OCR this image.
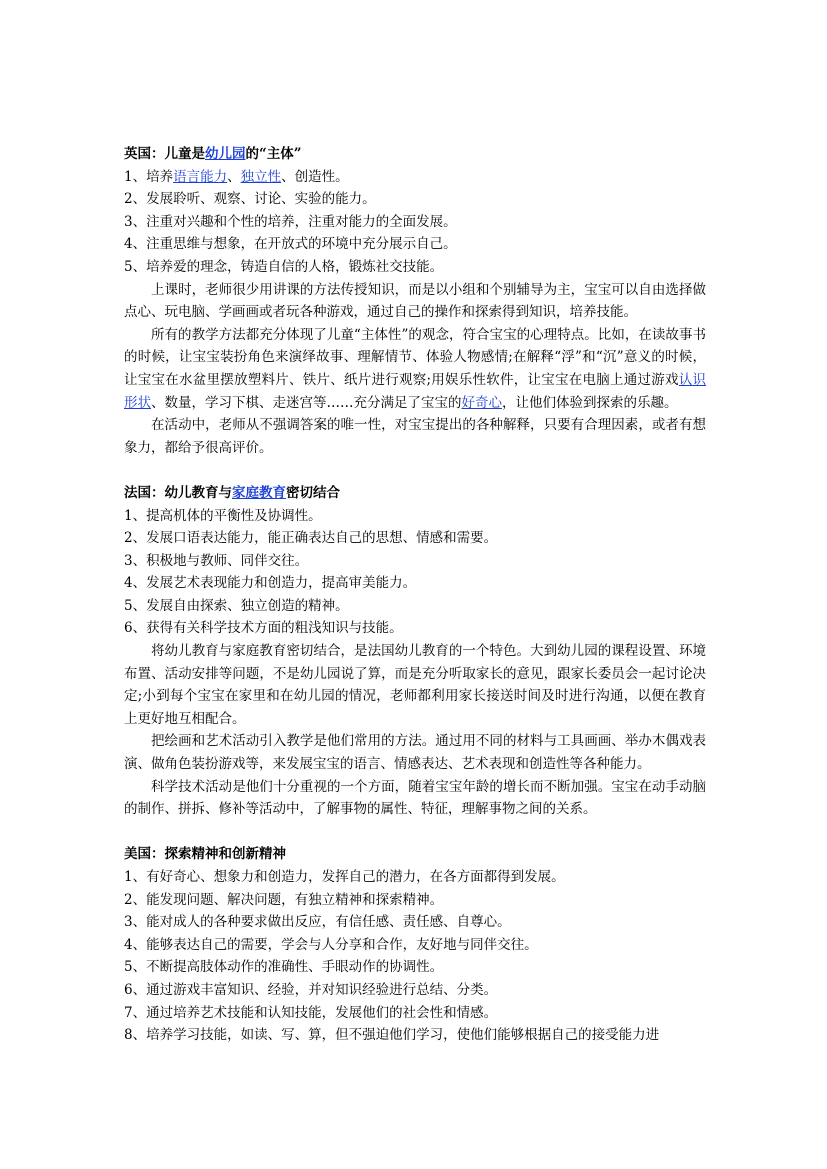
英国：儿童是幼儿园的“主体”
1、培养语言能力、独立性、创造性。
2、发展聆听、观察、讨论、实验的能力。
3、注重对兴趣和个性的培养，注重对能力的全面发展。
4、注重思维与想象，在开放式的环境中充分展示自己。
5、培养爱的理念，铸造自信的人格，锻炼社交技能。
上课时，老师很少用讲课的方法传授知识，而是以小组和个别辅导为主，宝宝可以自由选择做点心、玩电脑、学画画或者玩各种游戏，通过自己的操作和探索得到知识，培养技能。
所有的教学方法都充分体现了儿童“主体性”的观念，符合宝宝的心理特点。比如，在读故事书的时候，让宝宝装扮角色来演绎故事、理解情节、体验人物感情;在解释“浮”和“沉”意义的时候，让宝宝在水盆里摆放塑料片、铁片、纸片进行观察;用娱乐性软件，让宝宝在电脑上通过游戏认识形状、数量，学习下棋、走迷宫等……充分满足了宝宝的好奇心，让他们体验到探索的乐趣。
在活动中，老师从不强调答案的唯一性，对宝宝提出的各种解释，只要有合理因素，或者有想象力，都给予很高评价。
法国：幼儿教育与家庭教育密切结合
1、提高机体的平衡性及协调性。
2、发展口语表达能力，能正确表达自己的思想、情感和需要。
3、积极地与教师、同伴交往。
4、发展艺术表现能力和创造力，提高审美能力。
5、发展自由探索、独立创造的精神。
6、获得有关科学技术方面的粗浅知识与技能。
将幼儿教育与家庭教育密切结合，是法国幼儿教育的一个特色。大到幼儿园的课程设置、环境布置、活动安排等问题，不是幼儿园说了算，而是充分听取家长的意见，跟家长委员会一起讨论决定;小到每个宝宝在家里和在幼儿园的情况，老师都利用家长接送时间及时进行沟通，以便在教育上更好地互相配合。
把绘画和艺术活动引入教学是他们常用的方法。通过用不同的材料与工具画画、举办木偶戏表演、做角色装扮游戏等，来发展宝宝的语言、情感表达、艺术表现和创造性等各种能力。
科学技术活动是他们十分重视的一个方面，随着宝宝年龄的增长而不断加强。宝宝在动手动脑的制作、拼拆、修补等活动中，了解事物的属性、特征，理解事物之间的关系。
美国：探索精神和创新精神
1、有好奇心、想象力和创造力，发挥自己的潜力，在各方面都得到发展。
2、能发现问题、解决问题，有独立精神和探索精神。
3、能对成人的各种要求做出反应，有信任感、责任感、自尊心。
4、能够表达自己的需要，学会与人分享和合作，友好地与同伴交往。
5、不断提高肢体动作的准确性、手眼动作的协调性。
6、通过游戏丰富知识、经验，并对知识经验进行总结、分类。
7、通过培养艺术技能和认知技能，发展他们的社会性和情感。
8、培养学习技能，如读、写、算，但不强迫他们学习，使他们能够根据自己的接受能力进
